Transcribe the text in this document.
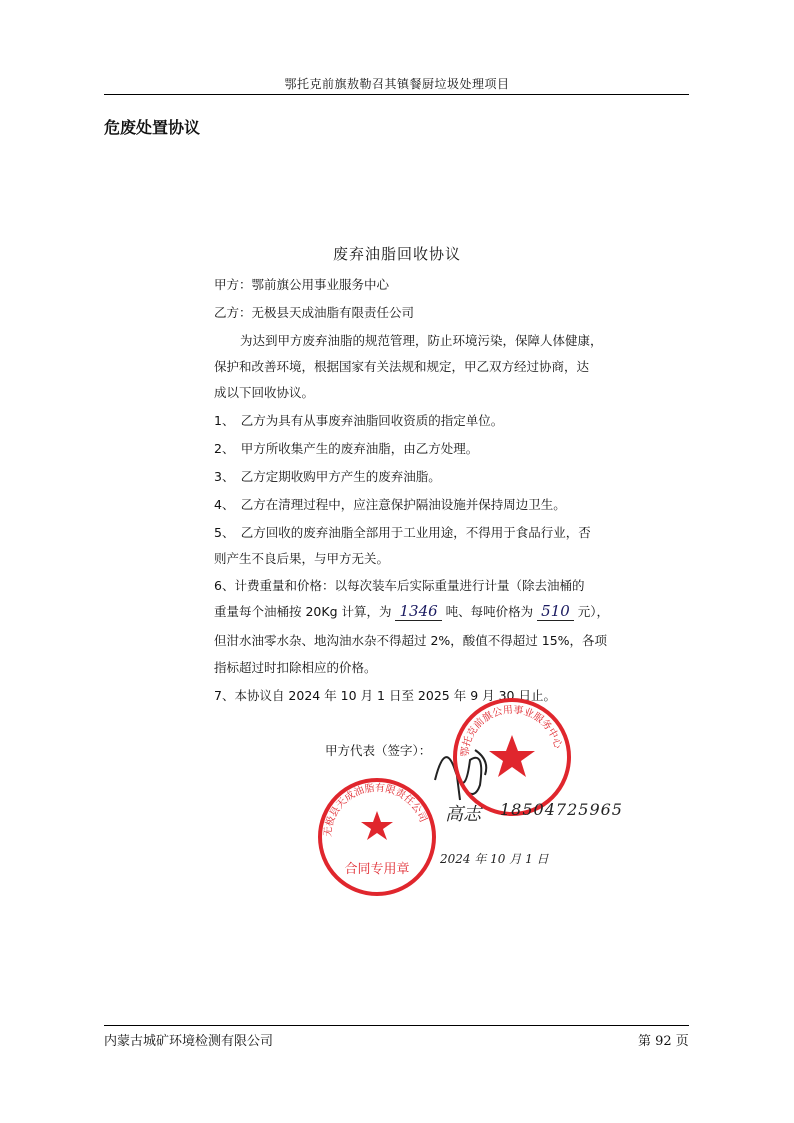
鄂托克前旗敖勒召其镇餐厨垃圾处理项目
危废处置协议
废弃油脂回收协议
甲方：鄂前旗公用事业服务中心
乙方：无极县天成油脂有限责任公司
为达到甲方废弃油脂的规范管理，防止环境污染，保障人体健康，
保护和改善环境，根据国家有关法规和规定，甲乙双方经过协商，达
成以下回收协议。
1、　乙方为具有从事废弃油脂回收资质的指定单位。
2、　甲方所收集产生的废弃油脂，由乙方处理。
3、　乙方定期收购甲方产生的废弃油脂。
4、　乙方在清理过程中，应注意保护隔油设施并保持周边卫生。
5、　乙方回收的废弃油脂全部用于工业用途，不得用于食品行业，否
则产生不良后果，与甲方无关。
6、计费重量和价格：以每次装车后实际重量进行计量（除去油桶的
重量每个油桶按 20Kg 计算，为 1346 吨、每吨价格为 510 元），
但泔水油零水杂、地沟油水杂不得超过 2%，酸值不得超过 15%，各项
指标超过时扣除相应的价格。
7、本协议自 2024 年 10 月 1 日至 2025 年 9 月 30 日止。
甲方代表（签字）：	鄂托克前旗公用事业服务中心
无极县天成油脂有限责任公司
合同专用章
高志 18504725965
2024 年 10 月 1 日
内蒙古城矿环境检测有限公司	第 92 页
